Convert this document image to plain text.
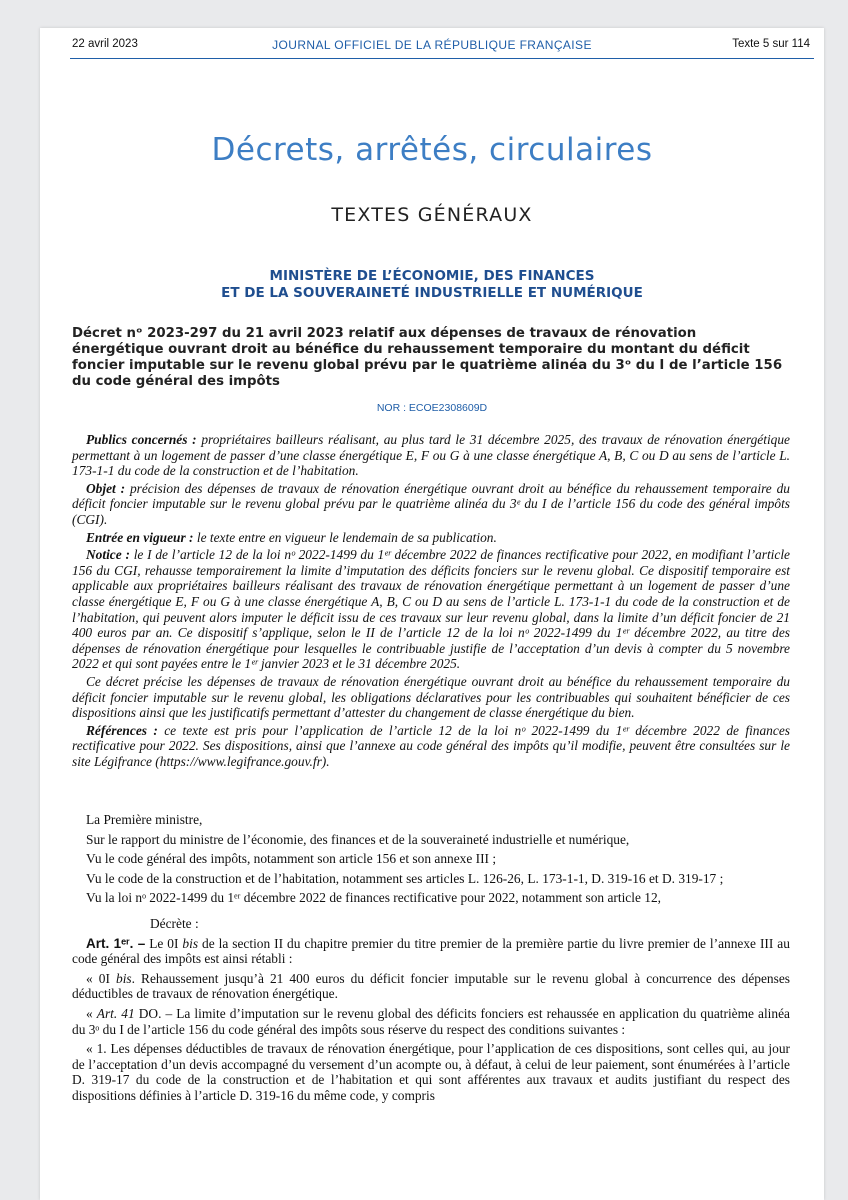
22 avril 2023	JOURNAL OFFICIEL DE LA RÉPUBLIQUE FRANÇAISE	Texte 5 sur 114
Décrets, arrêtés, circulaires
TEXTES GÉNÉRAUX
MINISTÈRE DE L’ÉCONOMIE, DES FINANCES
ET DE LA SOUVERAINETÉ INDUSTRIELLE ET NUMÉRIQUE
Décret nᵒ 2023-297 du 21 avril 2023 relatif aux dépenses de travaux de rénovation énergétique ouvrant droit au bénéfice du rehaussement temporaire du montant du déficit foncier imputable sur le revenu global prévu par le quatrième alinéa du 3ᵒ du I de l’article 156 du code général des impôts
NOR : ECOE2308609D

Publics concernés : propriétaires bailleurs réalisant, au plus tard le 31 décembre 2025, des travaux de rénovation énergétique permettant à un logement de passer d’une classe énergétique E, F ou G à une classe énergétique A, B, C ou D au sens de l’article L. 173-1-1 du code de la construction et de l’habitation.

Objet : précision des dépenses de travaux de rénovation énergétique ouvrant droit au bénéfice du rehaussement temporaire du déficit foncier imputable sur le revenu global prévu par le quatrième alinéa du 3ᵉ du I de l’article 156 du code des général impôts (CGI).

Entrée en vigueur : le texte entre en vigueur le lendemain de sa publication.

Notice : le I de l’article 12 de la loi nᵒ 2022-1499 du 1ᵉʳ décembre 2022 de finances rectificative pour 2022, en modifiant l’article 156 du CGI, rehausse temporairement la limite d’imputation des déficits fonciers sur le revenu global. Ce dispositif temporaire est applicable aux propriétaires bailleurs réalisant des travaux de rénovation énergétique permettant à un logement de passer d’une classe énergétique E, F ou G à une classe énergétique A, B, C ou D au sens de l’article L. 173-1-1 du code de la construction et de l’habitation, qui peuvent alors imputer le déficit issu de ces travaux sur leur revenu global, dans la limite d’un déficit foncier de 21 400 euros par an. Ce dispositif s’applique, selon le II de l’article 12 de la loi nᵒ 2022-1499 du 1ᵉʳ décembre 2022, au titre des dépenses de rénovation énergétique pour lesquelles le contribuable justifie de l’acceptation d’un devis à compter du 5 novembre 2022 et qui sont payées entre le 1ᵉʳ janvier 2023 et le 31 décembre 2025.

Ce décret précise les dépenses de travaux de rénovation énergétique ouvrant droit au bénéfice du rehaussement temporaire du déficit foncier imputable sur le revenu global, les obligations déclaratives pour les contribuables qui souhaitent bénéficier de ces dispositions ainsi que les justificatifs permettant d’attester du changement de classe énergétique du bien.

Références : ce texte est pris pour l’application de l’article 12 de la loi nᵒ 2022-1499 du 1ᵉʳ décembre 2022 de finances rectificative pour 2022. Ses dispositions, ainsi que l’annexe au code général des impôts qu’il modifie, peuvent être consultées sur le site Légifrance (https://www.legifrance.gouv.fr).

La Première ministre,

Sur le rapport du ministre de l’économie, des finances et de la souveraineté industrielle et numérique,

Vu le code général des impôts, notamment son article 156 et son annexe III ;

Vu le code de la construction et de l’habitation, notamment ses articles L. 126-26, L. 173-1-1, D. 319-16 et D. 319-17 ;

Vu la loi nᵒ 2022-1499 du 1ᵉʳ décembre 2022 de finances rectificative pour 2022, notamment son article 12,

Décrète :

Art. 1ᵉʳ. – Le 0I bis de la section II du chapitre premier du titre premier de la première partie du livre premier de l’annexe III au code général des impôts est ainsi rétabli :

« 0I bis. Rehaussement jusqu’à 21 400 euros du déficit foncier imputable sur le revenu global à concurrence des dépenses déductibles de travaux de rénovation énergétique.

« Art. 41 DO. – La limite d’imputation sur le revenu global des déficits fonciers est rehaussée en application du quatrième alinéa du 3ᵒ du I de l’article 156 du code général des impôts sous réserve du respect des conditions suivantes :

« 1. Les dépenses déductibles de travaux de rénovation énergétique, pour l’application de ces dispositions, sont celles qui, au jour de l’acceptation d’un devis accompagné du versement d’un acompte ou, à défaut, à celui de leur paiement, sont énumérées à l’article D. 319-17 du code de la construction et de l’habitation et qui sont afférentes aux travaux et audits justifiant du respect des dispositions définies à l’article D. 319-16 du même code, y compris
